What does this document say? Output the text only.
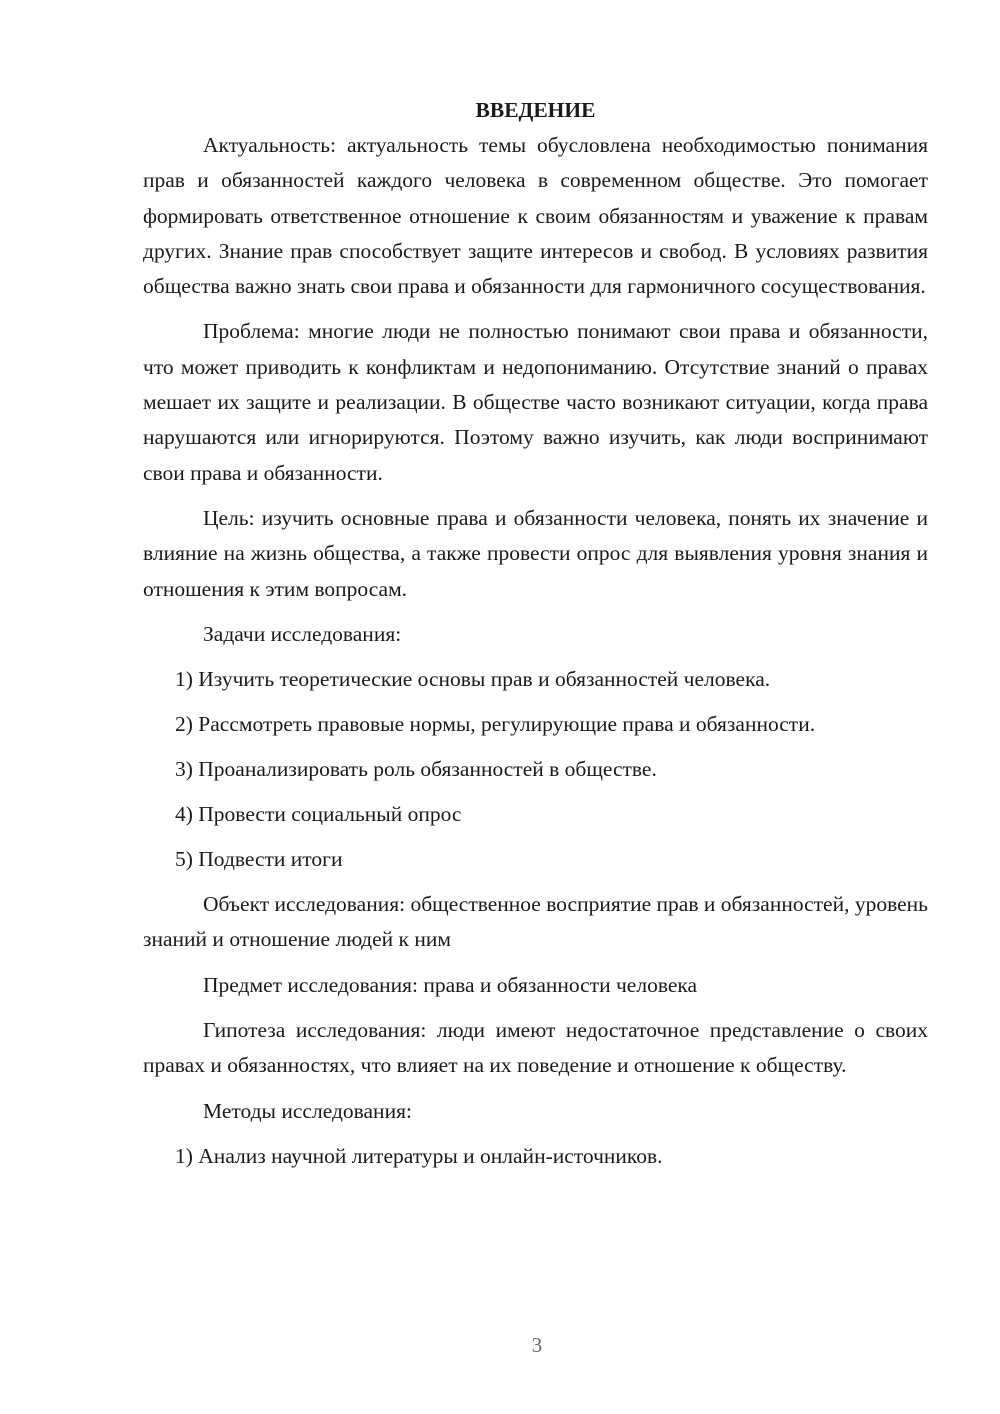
ВВЕДЕНИЕ

Актуальность: актуальность темы обусловлена необходимостью понимания прав и обязанностей каждого человека в современном обществе. Это помогает формировать ответственное отношение к своим обязанностям и уважение к правам других. Знание прав способствует защите интересов и свобод. В условиях развития общества важно знать свои права и обязанности для гармоничного сосуществования.

Проблема: многие люди не полностью понимают свои права и обязанности, что может приводить к конфликтам и недопониманию. Отсутствие знаний о правах мешает их защите и реализации. В обществе часто возникают ситуации, когда права нарушаются или игнорируются. Поэтому важно изучить, как люди воспринимают свои права и обязанности.

Цель: изучить основные права и обязанности человека, понять их значение и влияние на жизнь общества, а также провести опрос для выявления уровня знания и отношения к этим вопросам.

Задачи исследования:

1) Изучить теоретические основы прав и обязанностей человека.

2) Рассмотреть правовые нормы, регулирующие права и обязанности.

3) Проанализировать роль обязанностей в обществе.

4) Провести социальный опрос

5) Подвести итоги

Объект исследования: общественное восприятие прав и обязанностей, уровень знаний и отношение людей к ним

Предмет исследования: права и обязанности человека

Гипотеза исследования: люди имеют недостаточное представление о своих правах и обязанностях, что влияет на их поведение и отношение к обществу.

Методы исследования:

1) Анализ научной литературы и онлайн-источников.

3
